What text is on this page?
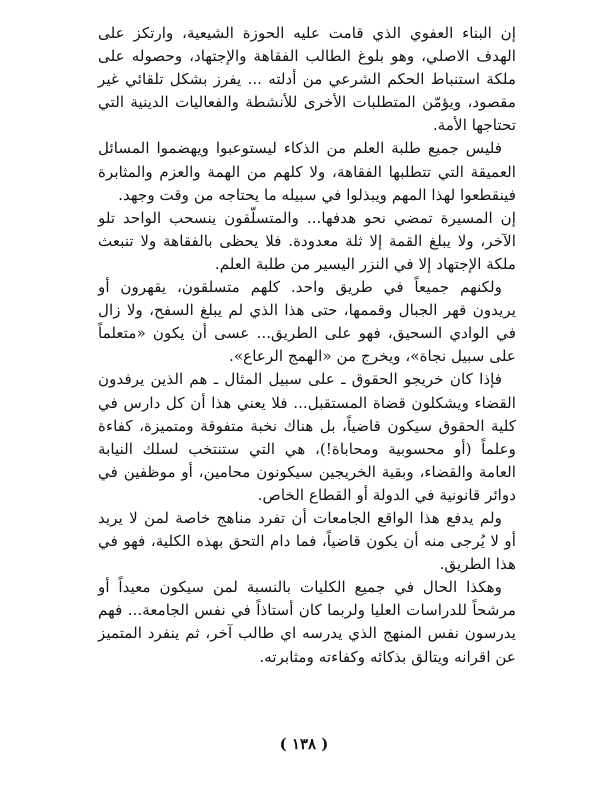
إن البناء العفوي الذي قامت عليه الحوزة الشيعية، وارتكز على الهدف الاصلي، وهو بلوغ الطالب الفقاهة والإجتهاد، وحصوله على ملكة استنباط الحكم الشرعي من أدلته ... يفرز بشكل تلقائي غير مقصود، ويؤمّن المتطلبات الأخرى للأنشطة والفعاليات الدينية التي تحتاجها الأمة.

فليس جميع طلبة العلم من الذكاء ليستوعبوا ويهضموا المسائل العميقة التي تتطلبها الفقاهة، ولا كلهم من الهمة والعزم والمثابرة فينقطعوا لهذا المهم ويبذلوا في سبيله ما يحتاجه من وقت وجهد.

إن المسيرة تمضي نحو هدفها... والمتسلّقون ينسحب الواحد تلو الآخر، ولا يبلغ القمة إلا ثلة معدودة. فلا يحظى بالفقاهة ولا تنبعث ملكة الإجتهاد إلا في النزر اليسير من طلبة العلم.

ولكنهم جميعاً في طريق واحد. كلهم متسلقون، يقهرون أو يريدون قهر الجبال وقممها، حتى هذا الذي لم يبلغ السفح، ولا زال في الوادي السحيق، فهو على الطريق... عسى أن يكون «متعلماً على سبيل نجاة»، ويخرج من «الهمج الرعاع».

فإذا كان خريجو الحقوق ـ على سبيل المثال ـ هم الذين يرفدون القضاء ويشكلون قضاة المستقبل... فلا يعني هذا أن كل دارس في كلية الحقوق سيكون قاضياً، بل هناك نخبة متفوقة ومتميزة، كفاءة وعلماً (أو محسوبية ومحاباة!)، هي التي ستنتخب لسلك النيابة العامة والقضاء، وبقية الخريجين سيكونون محامين، أو موظفين في دوائر قانونية في الدولة أو القطاع الخاص.

ولم يدفع هذا الواقع الجامعات أن تفرد مناهج خاصة لمن لا يريد أو لا يُرجى منه أن يكون قاضياً، فما دام التحق بهذه الكلية، فهو في هذا الطريق.

وهكذا الحال في جميع الكليات بالنسبة لمن سيكون معيداً أو مرشحاً للدراسات العليا ولربما كان أستاذاً في نفس الجامعة... فهم يدرسون نفس المنهج الذي يدرسه اي طالب آخر، ثم ينفرد المتميز عن اقرانه ويتالق بذكائه وكفاءته ومثابرته.

( ١٣٨ )
